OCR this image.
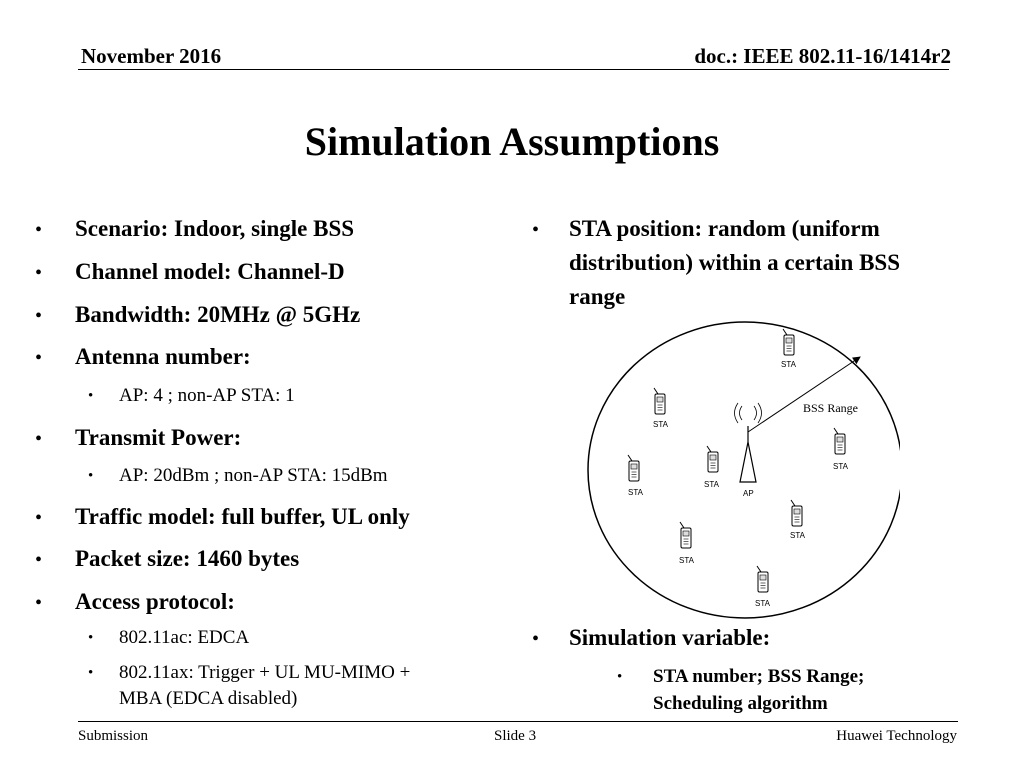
November 2016	doc.: IEEE 802.11-16/1414r2
Simulation Assumptions
• Scenario: Indoor, single BSS
• Channel model: Channel-D
• Bandwidth: 20MHz @ 5GHz
• Antenna number:
• AP: 4 ; non-AP STA: 1
• Transmit Power:
• AP: 20dBm ; non-AP STA: 15dBm
• Traffic model: full buffer, UL only
• Packet size: 1460 bytes
• Access protocol:
• 802.11ac: EDCA
• 802.11ax: Trigger + UL MU-MIMO +
MBA (EDCA disabled)
• STA position: random (uniform
distribution) within a certain BSS
range
• Simulation variable:
• STA number; BSS Range;
Scheduling algorithm
BSS Range
AP
STA
STA
STA
STA
STA
STA
STA
STA
Submission	Slide 3	Huawei Technology
